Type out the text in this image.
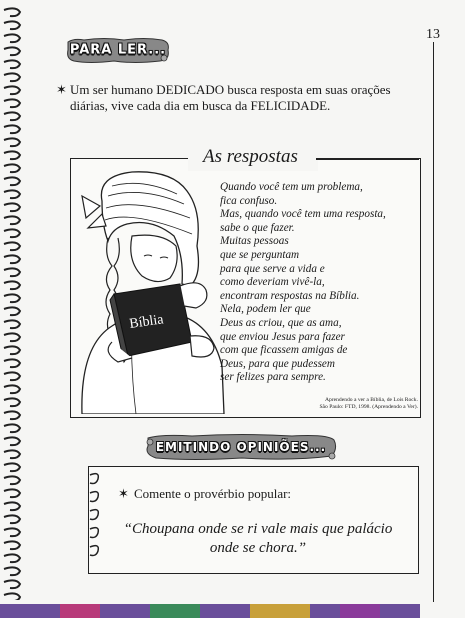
13
PARA LER...
✶ Um ser humano DEDICADO busca resposta em suas orações diárias, vive cada dia em busca da FELICIDADE.
As respostas
Bíblia
Quando você tem um problema,
fica confuso.
Mas, quando você tem uma resposta,
sabe o que fazer.
Muitas pessoas
que se perguntam
para que serve a vida e
como deveriam vivê-la,
encontram respostas na Bíblia.
Nela, podem ler que
Deus as criou, que as ama,
que enviou Jesus para fazer
com que ficassem amigas de
Deus, para que pudessem
ser felizes para sempre.
Aprendendo a ver a Bíblia, de Lois Rock.
São Paulo: FTD, 1998. (Aprendendo a Ver).
EMITINDO OPINIÕES...
✶ Comente o provérbio popular:
“Choupana onde se ri vale mais que palácio onde se chora.”
